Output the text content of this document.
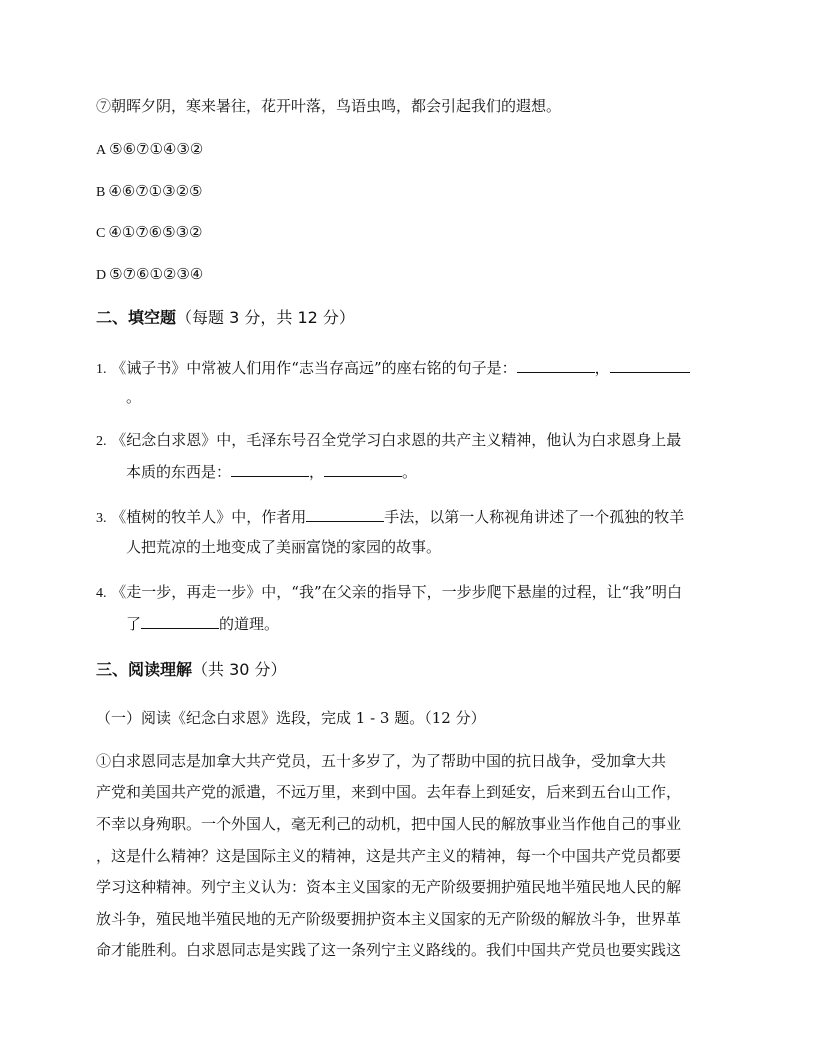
⑦朝晖夕阴，寒来暑往，花开叶落，鸟语虫鸣，都会引起我们的遐想。
A ⑤⑥⑦①④③②
B ④⑥⑦①③②⑤
C ④①⑦⑥⑤③②
D ⑤⑦⑥①②③④
二、填空题（每题 3 分，共 12 分）
1. 《诫子书》中常被人们用作“志当存高远”的座右铭的句子是：	，
。
2. 《纪念白求恩》中，毛泽东号召全党学习白求恩的共产主义精神，他认为白求恩身上最
本质的东西是：	，	。
3. 《植树的牧羊人》中，作者用	手法，以第一人称视角讲述了一个孤独的牧羊
人把荒凉的土地变成了美丽富饶的家园的故事。
4. 《走一步，再走一步》中，“我”在父亲的指导下，一步步爬下悬崖的过程，让“我”明白
了	的道理。
三、阅读理解（共 30 分）
（一）阅读《纪念白求恩》选段，完成 1 - 3 题。（12 分）
①白求恩同志是加拿大共产党员，五十多岁了，为了帮助中国的抗日战争，受加拿大共
产党和美国共产党的派遣，不远万里，来到中国。去年春上到延安，后来到五台山工作，
不幸以身殉职。一个外国人，毫无利己的动机，把中国人民的解放事业当作他自己的事业
，这是什么精神？这是国际主义的精神，这是共产主义的精神，每一个中国共产党员都要
学习这种精神。列宁主义认为：资本主义国家的无产阶级要拥护殖民地半殖民地人民的解
放斗争，殖民地半殖民地的无产阶级要拥护资本主义国家的无产阶级的解放斗争，世界革
命才能胜利。白求恩同志是实践了这一条列宁主义路线的。我们中国共产党员也要实践这
